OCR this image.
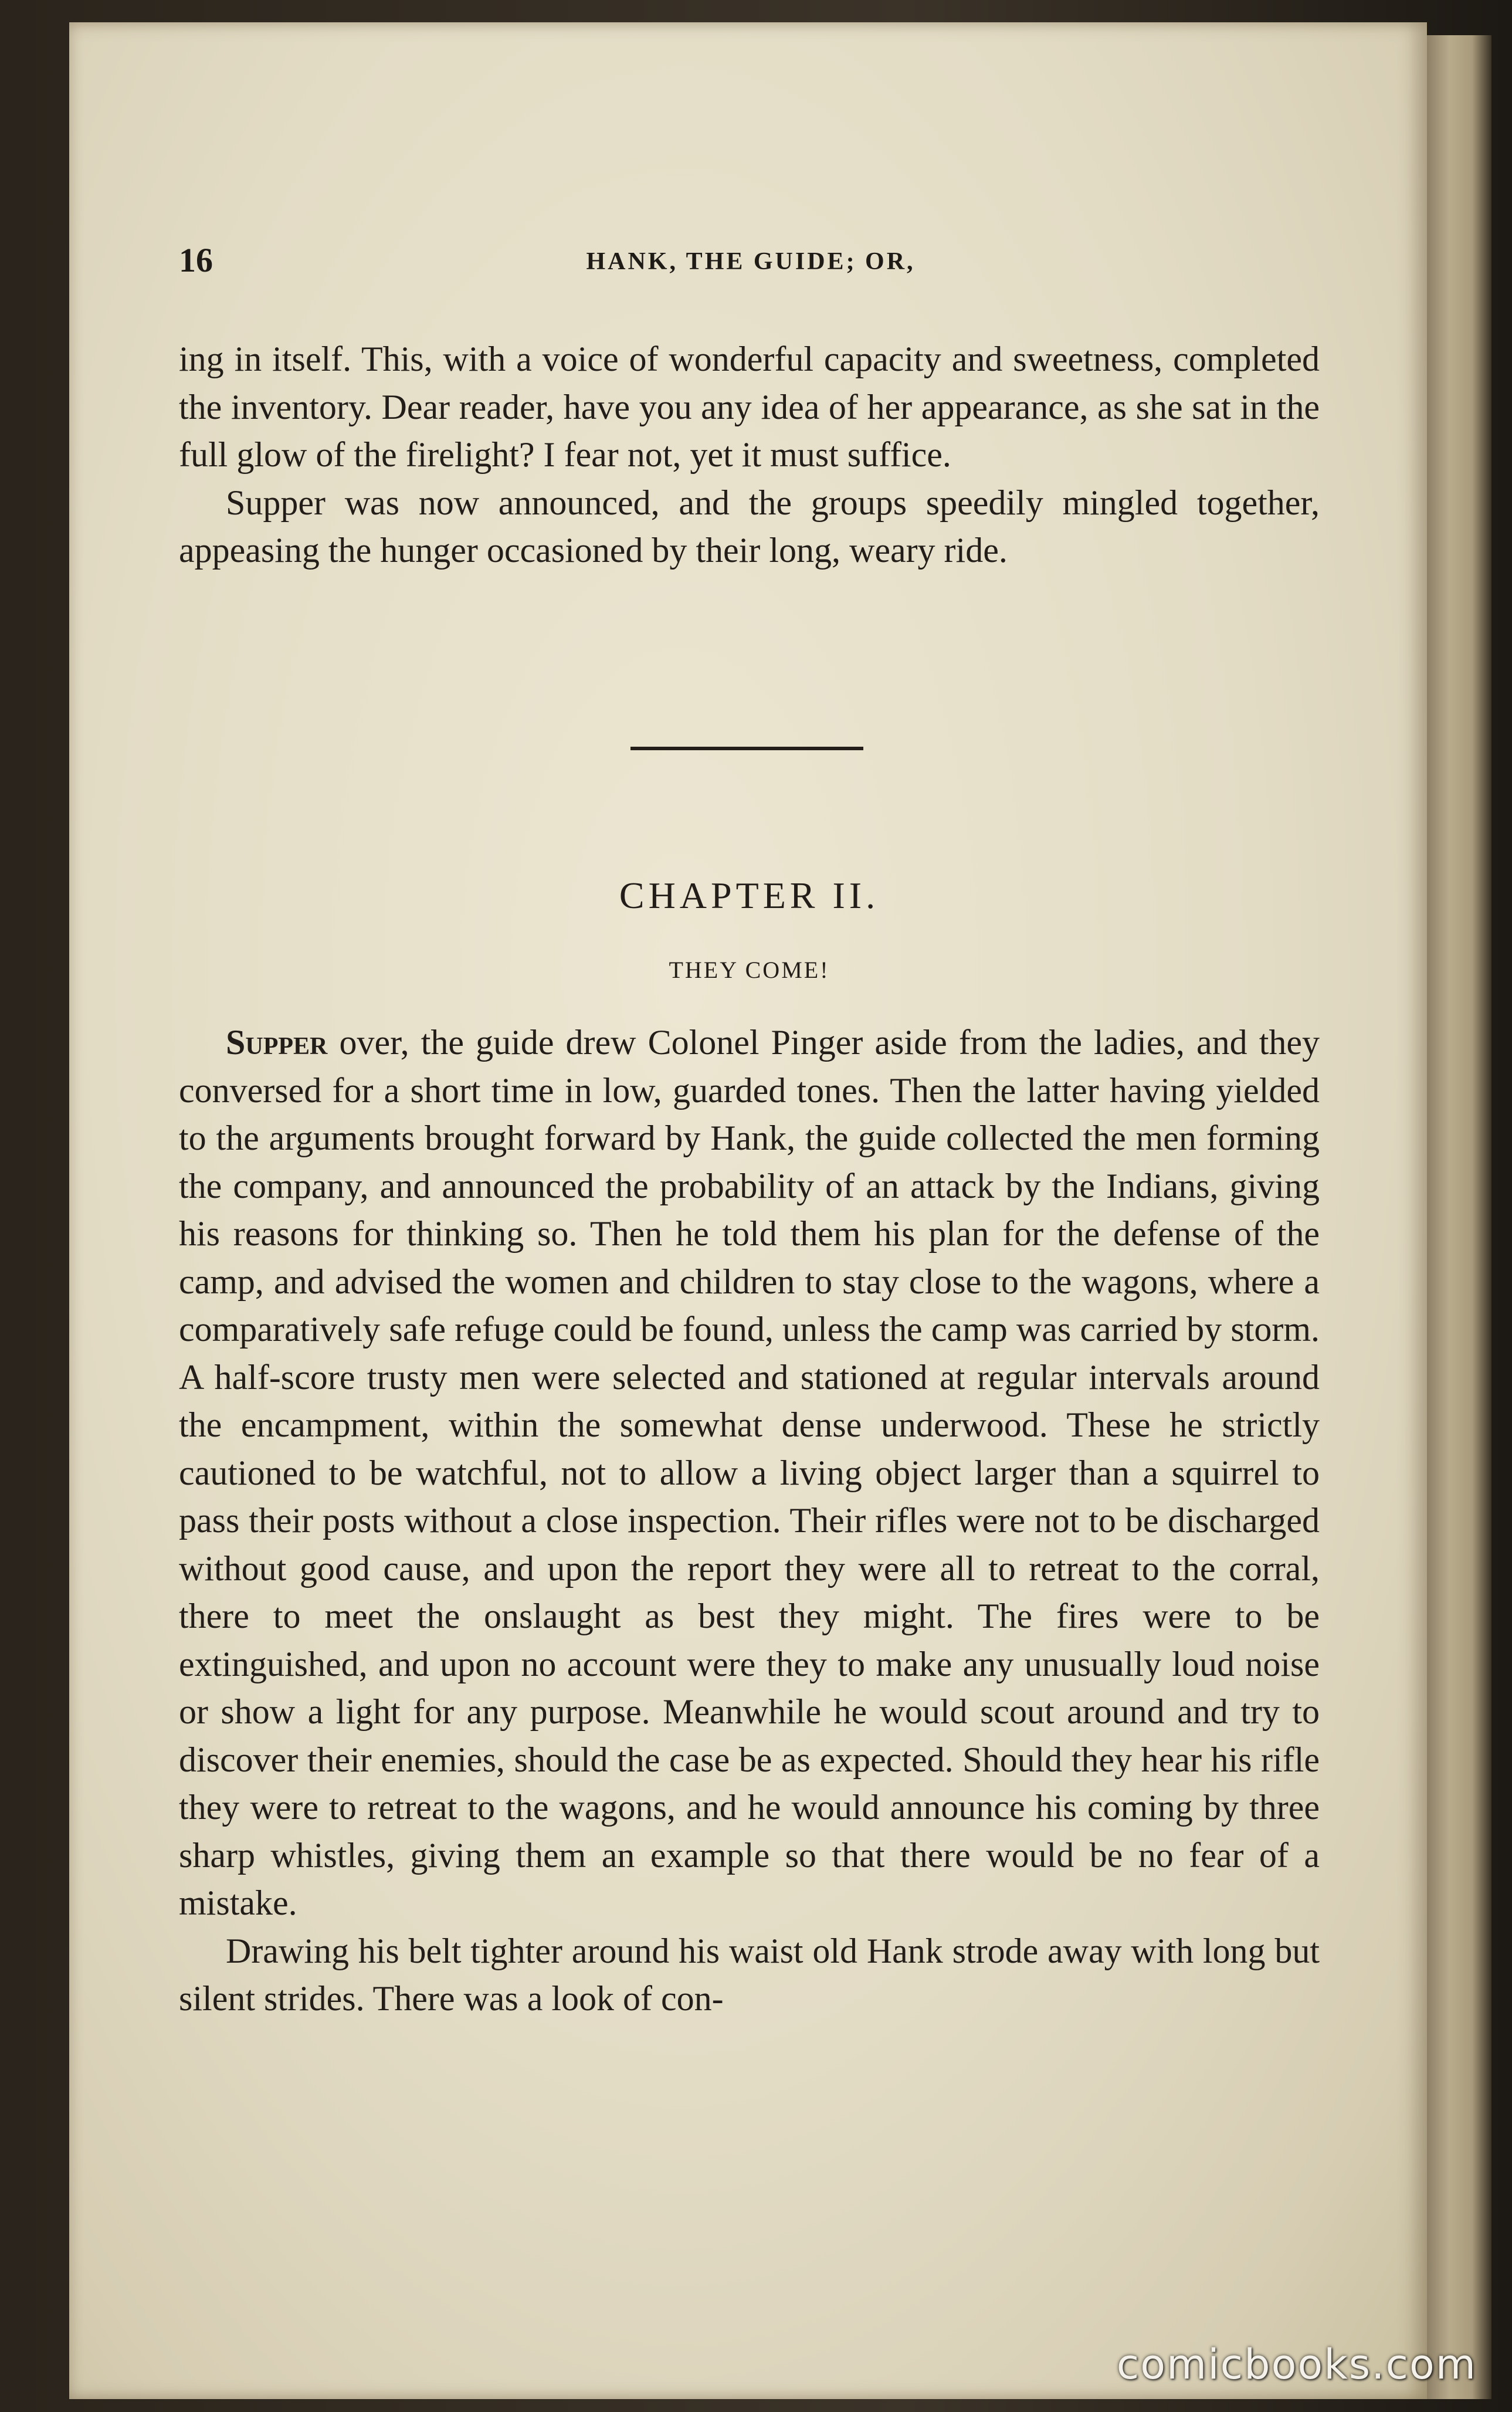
16	HANK, THE GUIDE; OR,

ing in itself. This, with a voice of wonderful capacity and sweetness, completed the inventory. Dear reader, have you any idea of her appearance, as she sat in the full glow of the firelight? I fear not, yet it must suffice.

Supper was now announced, and the groups speedily mingled together, appeasing the hunger occasioned by their long, weary ride.

CHAPTER II.
THEY COME!

Supper over, the guide drew Colonel Pinger aside from the ladies, and they conversed for a short time in low, guarded tones. Then the latter having yielded to the arguments brought forward by Hank, the guide collected the men forming the company, and announced the probability of an attack by the Indians, giving his reasons for thinking so. Then he told them his plan for the defense of the camp, and advised the women and children to stay close to the wagons, where a comparatively safe refuge could be found, unless the camp was carried by storm. A half-score trusty men were selected and stationed at regular intervals around the encampment, within the somewhat dense underwood. These he strictly cautioned to be watchful, not to allow a living object larger than a squirrel to pass their posts without a close inspection. Their rifles were not to be discharged without good cause, and upon the report they were all to retreat to the corral, there to meet the onslaught as best they might. The fires were to be extinguished, and upon no account were they to make any unusually loud noise or show a light for any purpose. Meanwhile he would scout around and try to discover their enemies, should the case be as expected. Should they hear his rifle they were to retreat to the wagons, and he would announce his coming by three sharp whistles, giving them an example so that there would be no fear of a mistake.

Drawing his belt tighter around his waist old Hank strode away with long but silent strides. There was a look of con-

comicbooks.com
